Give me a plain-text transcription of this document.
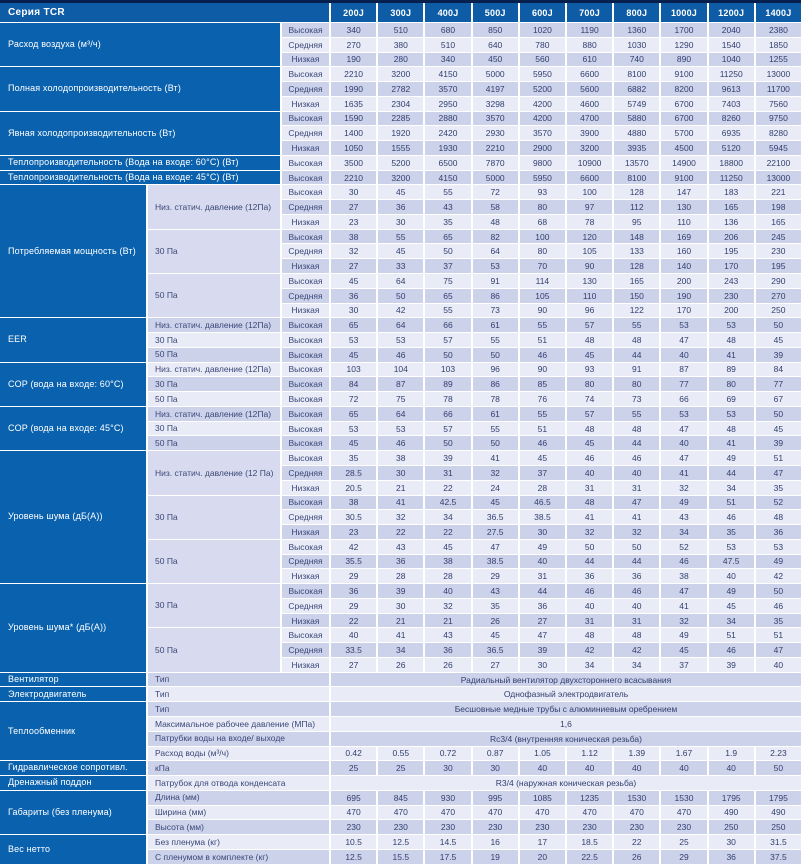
Серия TCR	200J	300J	400J	500J	600J	700J	800J	1000J	1200J	1400J
Расход воздуха (м³/ч)
Высокая	340	510	680	850	1020	1190	1360	1700	2040	2380
Средняя	270	380	510	640	780	880	1030	1290	1540	1850
Низкая	190	280	340	450	560	610	740	890	1040	1255
Полная холодопроизводительность (Вт)
Высокая	2210	3200	4150	5000	5950	6600	8100	9100	11250	13000
Средняя	1990	2782	3570	4197	5200	5600	6882	8200	9613	11700
Низкая	1635	2304	2950	3298	4200	4600	5749	6700	7403	7560
Явная холодопроизводительность (Вт)
Высокая	1590	2285	2880	3570	4200	4700	5880	6700	8260	9750
Средняя	1400	1920	2420	2930	3570	3900	4880	5700	6935	8280
Низкая	1050	1555	1930	2210	2900	3200	3935	4500	5120	5945
Теплопроизводительность (Вода на входе: 60°C) (Вт)	Высокая	3500	5200	6500	7870	9800	10900	13570	14900	18800	22100
Теплопроизводительность (Вода на входе: 45°C) (Вт)	Высокая	2210	3200	4150	5000	5950	6600	8100	9100	11250	13000
Потребляемая мощность (Вт)
Низ. статич. давление (12Па)
Высокая	30	45	55	72	93	100	128	147	183	221
Средняя	27	36	43	58	80	97	112	130	165	198
Низкая	23	30	35	48	68	78	95	110	136	165
30 Па
Высокая	38	55	65	82	100	120	148	169	206	245
Средняя	32	45	50	64	80	105	133	160	195	230
Низкая	27	33	37	53	70	90	128	140	170	195
50 Па
Высокая	45	64	75	91	114	130	165	200	243	290
Средняя	36	50	65	86	105	110	150	190	230	270
Низкая	30	42	55	73	90	96	122	170	200	250
EER
Низ. статич. давление (12Па)	Высокая	65	64	66	61	55	57	55	53	53	50
30 Па	Высокая	53	53	57	55	51	48	48	47	48	45
50 Па	Высокая	45	46	50	50	46	45	44	40	41	39
COP (вода на входе: 60°C)
Низ. статич. давление (12Па)	Высокая	103	104	103	96	90	93	91	87	89	84
30 Па	Высокая	84	87	89	86	85	80	80	77	80	77
50 Па	Высокая	72	75	78	78	76	74	73	66	69	67
COP (вода на входе: 45°C)
Низ. статич. давление (12Па)	Высокая	65	64	66	61	55	57	55	53	53	50
30 Па	Высокая	53	53	57	55	51	48	48	47	48	45
50 Па	Высокая	45	46	50	50	46	45	44	40	41	39
Уровень шума (дБ(А))
Низ. статич. давление (12 Па)
Высокая	35	38	39	41	45	46	46	47	49	51
Средняя	28.5	30	31	32	37	40	40	41	44	47
Низкая	20.5	21	22	24	28	31	31	32	34	35
30 Па
Высокая	38	41	42.5	45	46.5	48	47	49	51	52
Средняя	30.5	32	34	36.5	38.5	41	41	43	46	48
Низкая	23	22	22	27.5	30	32	32	34	35	36
50 Па
Высокая	42	43	45	47	49	50	50	52	53	53
Средняя	35.5	36	38	38.5	40	44	44	46	47.5	49
Низкая	29	28	28	29	31	36	36	38	40	42
Уровень шума* (дБ(А))
30 Па
Высокая	36	39	40	43	44	46	46	47	49	50
Средняя	29	30	32	35	36	40	40	41	45	46
Низкая	22	21	21	26	27	31	31	32	34	35
50 Па
Высокая	40	41	43	45	47	48	48	49	51	51
Средняя	33.5	34	36	36.5	39	42	42	45	46	47
Низкая	27	26	26	27	30	34	34	37	39	40
Вентилятор	Тип	Радиальный вентилятор двухстороннего всасывания
Электродвигатель	Тип	Однофазный электродвигатель
Теплообменник
Тип	Бесшовные медные трубы с алюминиевым оребрением
Максимальное рабочее давление (МПа)	1,6
Патрубки воды на входе/ выходе	Rc3/4 (внутренняя коническая резьба)
Расход воды (м³/ч)	0.42	0.55	0.72	0.87	1.05	1.12	1.39	1.67	1.9	2.23
Гидравлическое сопротивл.	кПа	25	25	30	30	40	40	40	40	40	50
Дренажный поддон	Патрубок для отвода конденсата	R3/4 (наружная коническая резьба)
Габариты (без пленума)
Длина (мм)	695	845	930	995	1085	1235	1530	1530	1795	1795
Ширина (мм)	470	470	470	470	470	470	470	470	490	490
Высота (мм)	230	230	230	230	230	230	230	230	250	250
Вес нетто
Без пленума (кг)	10.5	12.5	14.5	16	17	18.5	22	25	30	31.5
С пленумом в комплекте (кг)	12.5	15.5	17.5	19	20	22.5	26	29	36	37.5
